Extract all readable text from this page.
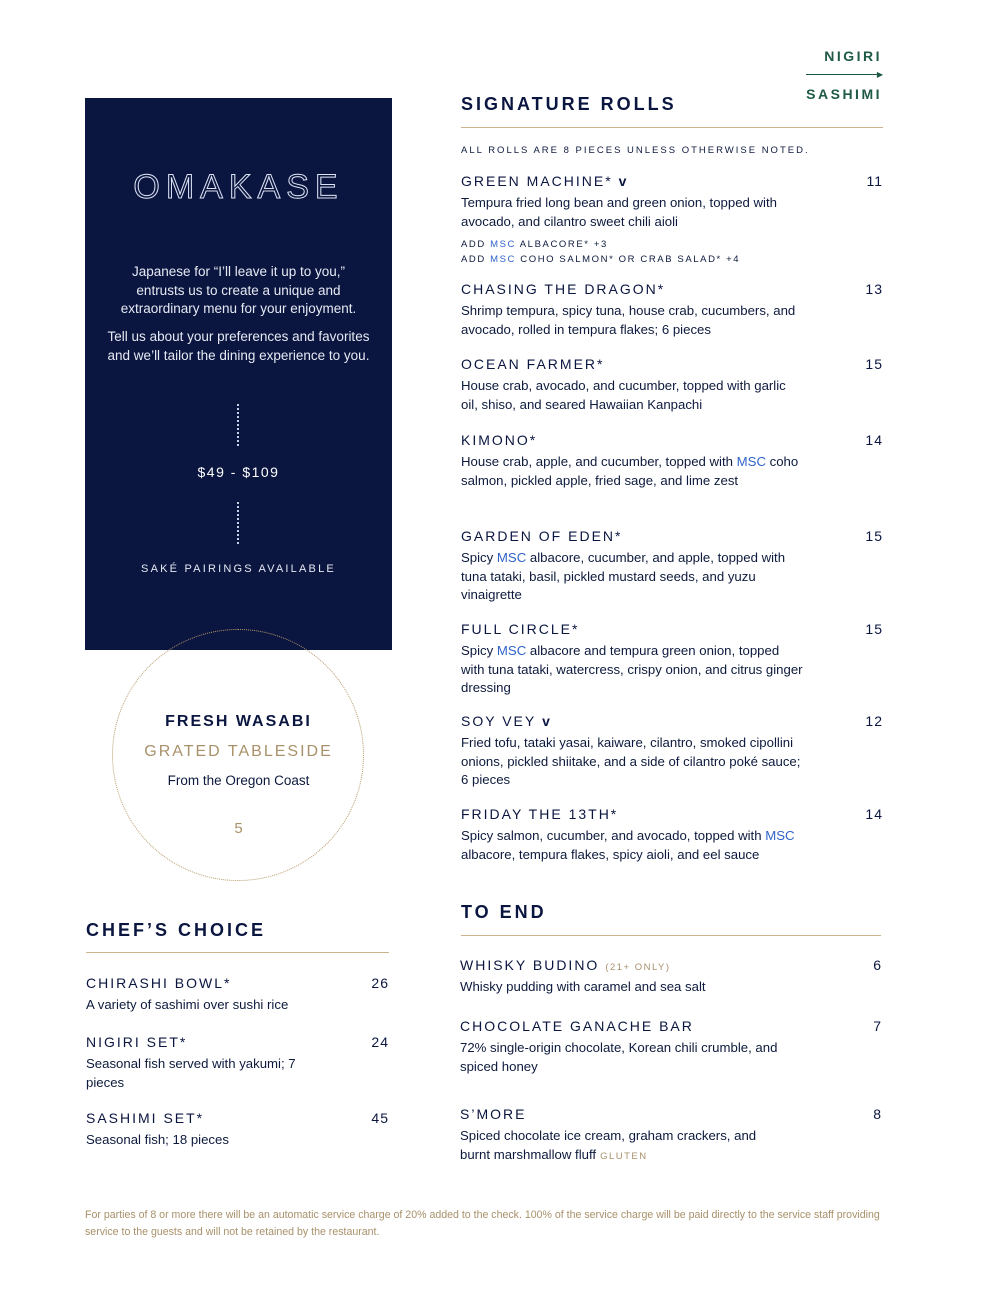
NIGIRI
▶
SASHIMI
OMAKASE

Japanese for “I’ll leave it up to you,” entrusts us to create a unique and extraordinary menu for your enjoyment.

Tell us about your preferences and favorites and we’ll tailor the dining experience to you.

$49 - $109
SAKÉ PAIRINGS AVAILABLE
FRESH WASABI
GRATED TABLESIDE
From the Oregon Coast
5
SIGNATURE ROLLS
ALL ROLLS ARE 8 PIECES UNLESS OTHERWISE NOTED.
CHEF’S CHOICE
TO END
For parties of 8 or more there will be an automatic service charge of 20% added to the check. 100% of the service charge will be paid directly to the service staff providing service to the guests and will not be retained by the restaurant.
GREEN MACHINE* v
Tempura fried long bean and green onion, topped with avocado, and cilantro sweet chili aioli
ADD MSC ALBACORE* +3
ADD MSC COHO SALMON* OR CRAB SALAD* +4
11
CHASING THE DRAGON*
Shrimp tempura, spicy tuna, house crab, cucumbers, and avocado, rolled in tempura flakes; 6 pieces
13
OCEAN FARMER*
House crab, avocado, and cucumber, topped with garlic oil, shiso, and seared Hawaiian Kanpachi
15
KIMONO*
House crab, apple, and cucumber, topped with MSC coho salmon, pickled apple, fried sage, and lime zest
14
GARDEN OF EDEN*
Spicy MSC albacore, cucumber, and apple, topped with tuna tataki, basil, pickled mustard seeds, and yuzu vinaigrette
15
FULL CIRCLE*
Spicy MSC albacore and tempura green onion, topped with tuna tataki, watercress, crispy onion, and citrus ginger dressing
15
SOY VEY v
Fried tofu, tataki yasai, kaiware, cilantro, smoked cipollini onions, pickled shiitake, and a side of cilantro poké sauce; 6 pieces
12
FRIDAY THE 13TH*
Spicy salmon, cucumber, and avocado, topped with MSC albacore, tempura flakes, spicy aioli, and eel sauce
14
CHIRASHI BOWL*
A variety of sashimi over sushi rice
26
NIGIRI SET*
Seasonal fish served with yakumi; 7 pieces
24
SASHIMI SET*
Seasonal fish; 18 pieces
45
WHISKY BUDINO (21+ ONLY)
Whisky pudding with caramel and sea salt
6
CHOCOLATE GANACHE BAR
72% single-origin chocolate, Korean chili crumble, and spiced honey
7
S’MORE
Spiced chocolate ice cream, graham crackers, and burnt marshmallow fluff GLUTEN
8
